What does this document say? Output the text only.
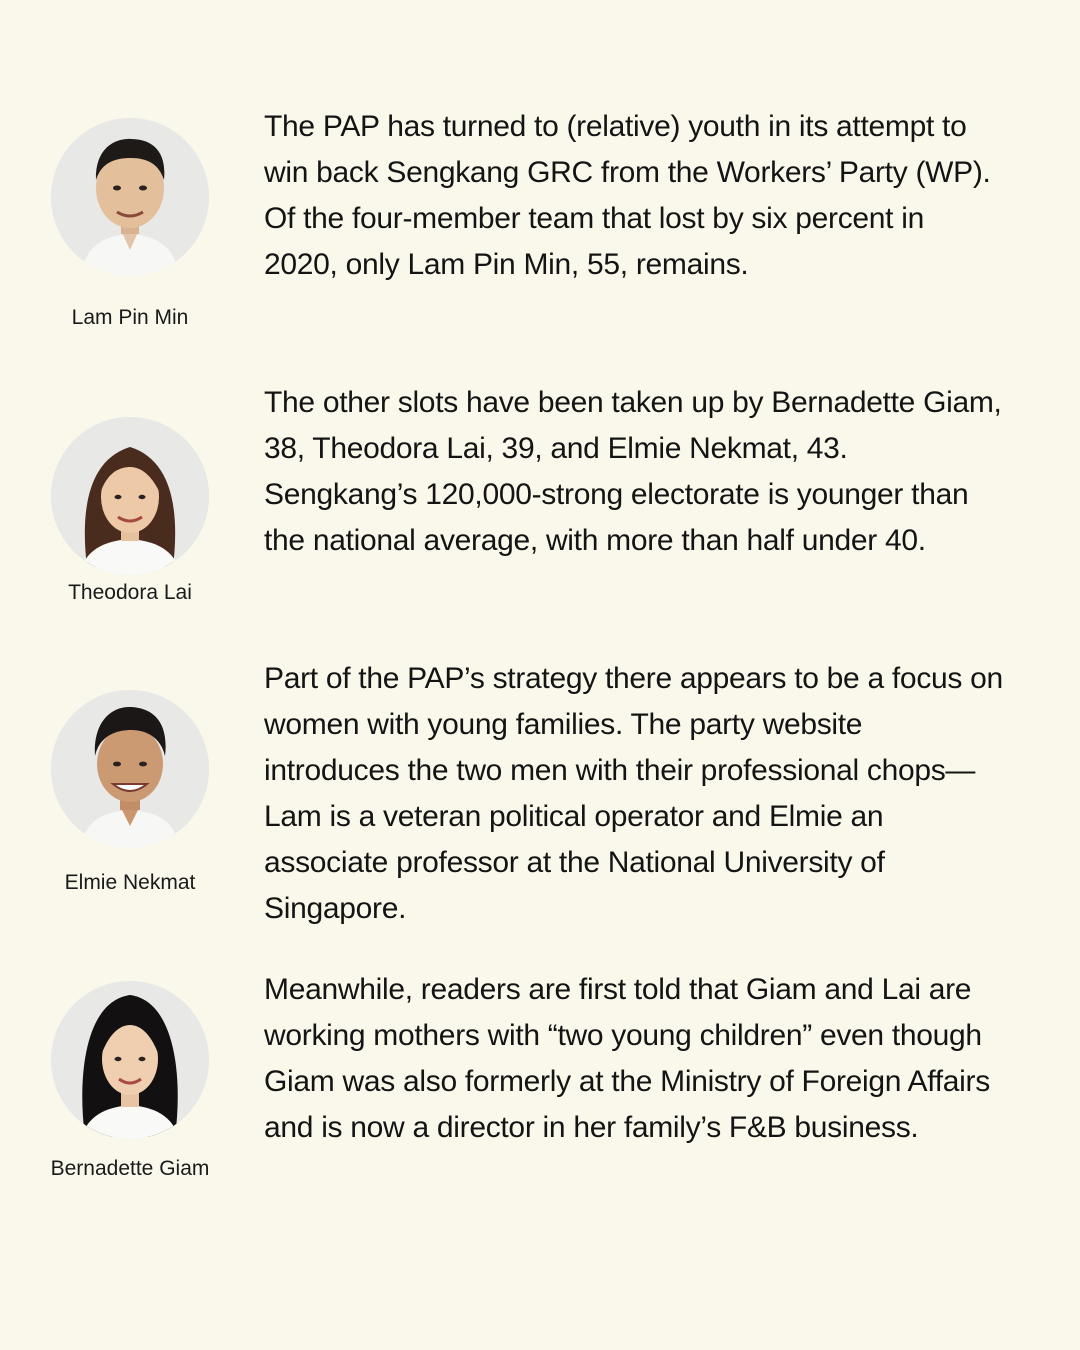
Lam Pin Min

The PAP has turned to (relative) youth in its attempt to win back Sengkang GRC from the Workers’ Party (WP). Of the four-member team that lost by six percent in 2020, only Lam Pin Min, 55, remains.

Theodora Lai

The other slots have been taken up by Bernadette Giam, 38, Theodora Lai, 39, and Elmie Nekmat, 43. Sengkang’s 120,000-strong electorate is younger than the national average, with more than half under 40.

Elmie Nekmat

Part of the PAP’s strategy there appears to be a focus on women with young families. The party website introduces the two men with their professional chops—Lam is a veteran political operator and Elmie an associate professor at the National University of Singapore.

Bernadette Giam

Meanwhile, readers are first told that Giam and Lai are working mothers with “two young children” even though Giam was also formerly at the Ministry of Foreign Affairs and is now a director in her family’s F&B business.
